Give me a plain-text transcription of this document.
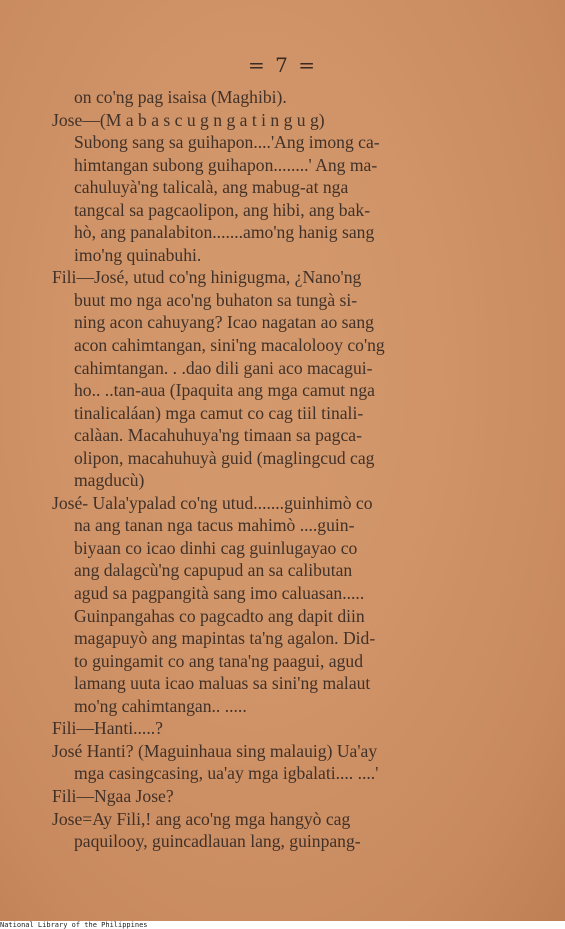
= 7 =
on co'ng pag isaisa (Maghibi).
Jose—(M a b a s c u g n g a t i n g u g)
Subong sang sa guihapon....'Ang imong ca-
himtangan subong guihapon........' Ang ma-
cahuluyà'ng talicalà, ang mabug-at nga
tangcal sa pagcaolipon, ang hibi, ang bak-
hò, ang panalabiton.......amo'ng hanig sang
imo'ng quinabuhi.
Fili—José, utud co'ng hinigugma, ¿Nano'ng
buut mo nga aco'ng buhaton sa tungà si-
ning acon cahuyang? Icao nagatan ao sang
acon cahimtangan, sini'ng macalolooy co'ng
cahimtangan. . .dao dili gani aco macagui-
ho.. ..tan-aua (Ipaquita ang mga camut nga
tinalicaláan) mga camut co cag tiil tinali-
calàan. Macahuhuya'ng timaan sa pagca-
olipon, macahuhuyà guid (maglingcud cag
magducù)
José- Uala'ypalad co'ng utud.......guinhimò co
na ang tanan nga tacus mahimò ....guin-
biyaan co icao dinhi cag guinlugayao co
ang dalagcù'ng capupud an sa calibutan
agud sa pagpangità sang imo caluasan.....
Guinpangahas co pagcadto ang dapit diin
magapuyò ang mapintas ta'ng agalon. Did-
to guingamit co ang tana'ng paagui, agud
lamang uuta icao maluas sa sini'ng malaut
mo'ng cahimtangan.. .....
Fili—Hanti.....?
José Hanti? (Maguinhaua sing malauig) Ua'ay
mga casingcasing, ua'ay mga igbalati.... ....'
Fili—Ngaa Jose?
Jose=Ay Fili,! ang aco'ng mga hangyò cag
paquilooy, guincadlauan lang, guinpang-
National Library of the Philippines
